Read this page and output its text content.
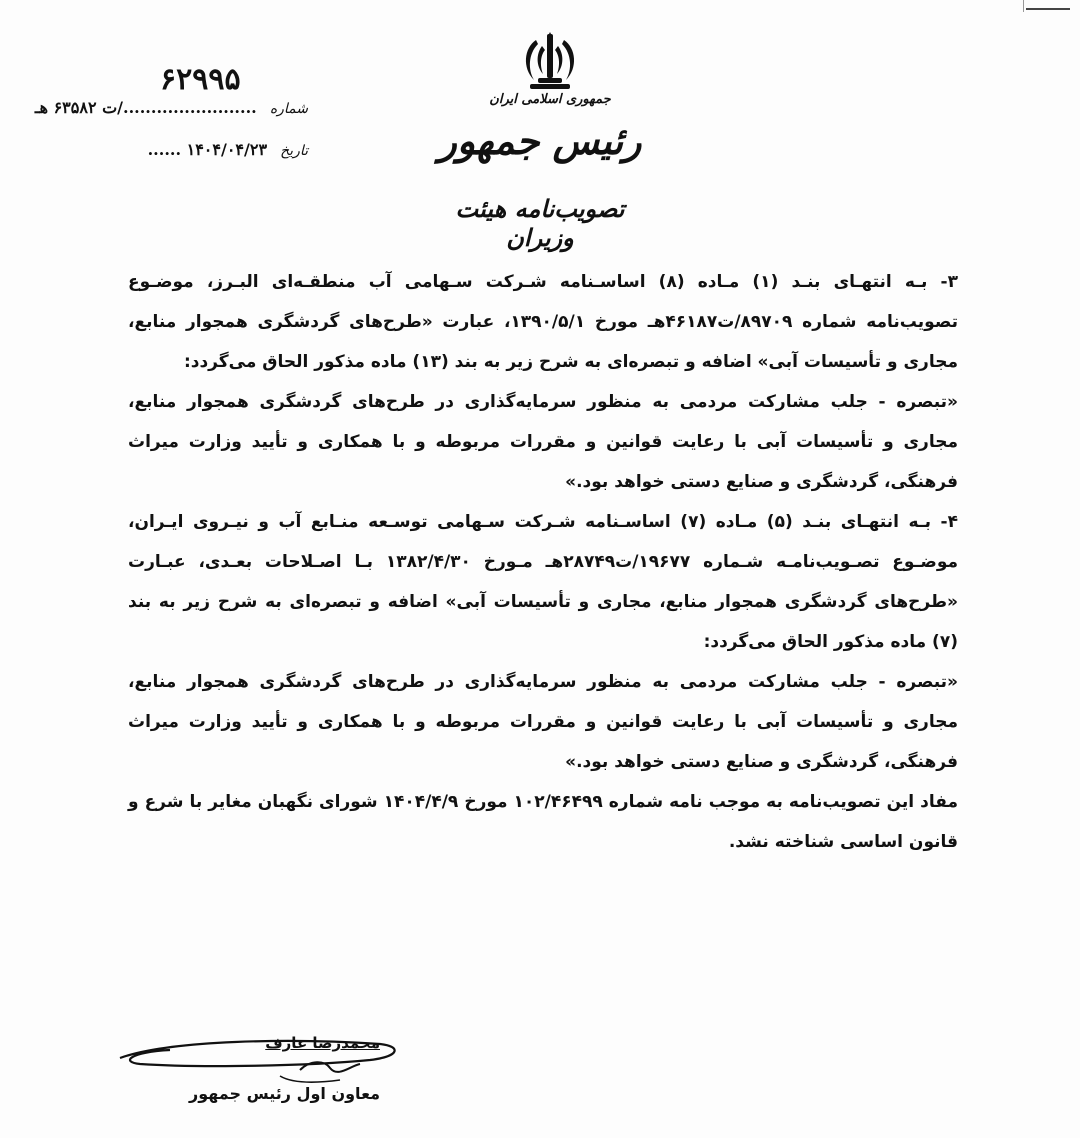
۶۲۹۹۵
شماره ......................../ت ۶۳۵۸۲ هـ
تاریخ ۱۴۰۴/۰۴/۲۳ ......
جمهوری اسلامی ایران
رئیس جمهور
تصویب‌نامه هیئت وزیران

۳- بـه انتهـای بنـد (۱) مـاده (۸) اساسـنامه شـرکت سـهامی آب منطقـه‌ای البـرز، موضـوع تصویب‌نامه شماره ۸۹۷۰۹/ت۴۶۱۸۷هـ مورخ ۱۳۹۰/۵/۱، عبارت «طرح‌های گردشگری همجوار منابع، مجاری و تأسیسات آبی» اضافه و تبصره‌ای به شرح زیر به بند (۱۳) ماده مذکور الحاق می‌گردد:

«تبصره - جلب مشارکت مردمی به منظور سرمایه‌گذاری در طرح‌های گردشگری همجوار منابع، مجاری و تأسیسات آبی با رعایت قوانین و مقررات مربوطه و با همکاری و تأیید وزارت میراث فرهنگی، گردشگری و صنایع دستی خواهد بود.»

۴- بـه انتهـای بنـد (۵) مـاده (۷) اساسـنامه شـرکت سـهامی توسـعه منـابع آب و نیـروی ایـران، موضـوع تصـویب‌نامـه شـماره ۱۹۶۷۷/ت۲۸۷۴۹هـ مـورخ ۱۳۸۲/۴/۳۰ بـا اصـلاحات بعـدی، عبـارت «طرح‌های گردشگری همجوار منابع، مجاری و تأسیسات آبی» اضافه و تبصره‌ای به شرح زیر به بند (۷) ماده مذکور الحاق می‌گردد:

«تبصره - جلب مشارکت مردمی به منظور سرمایه‌گذاری در طرح‌های گردشگری همجوار منابع، مجاری و تأسیسات آبی با رعایت قوانین و مقررات مربوطه و با همکاری و تأیید وزارت میراث فرهنگی، گردشگری و صنایع دستی خواهد بود.»

مفاد این تصویب‌نامه به موجب نامه شماره ۱۰۲/۴۶۴۹۹ مورخ ۱۴۰۴/۴/۹ شورای نگهبان مغایر با شرع و قانون اساسی شناخته نشد.

محمدرضا عارف
معاون اول رئیس جمهور
